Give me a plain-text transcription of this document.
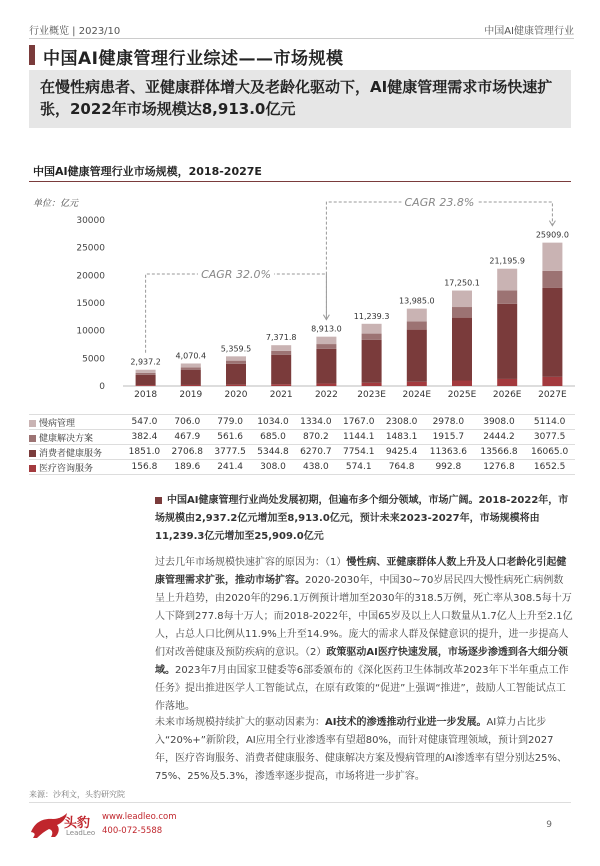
行业概览 | 2023/10	中国AI健康管理行业
中国AI健康管理行业综述——市场规模
在慢性病患者、亚健康群体增大及老龄化驱动下，AI健康管理需求市场快速扩张，2022年市场规模达8,913.0亿元
中国AI健康管理行业市场规模，2018-2027E
单位：亿元
30000
25000
20000
15000
10000
5000
0
2,937.2
2018
4,070.4
2019
5,359.5
2020
7,371.8
2021
8,913.0
2022
11,239.3
2023E
13,985.0
2024E
17,250.1
2025E
21,195.9
2026E
25909.0
2027E
CAGR 32.0%
CAGR 23.8%
慢病管理	547.0	706.0	779.0	1034.0	1334.0	1767.0	2308.0	2978.0	3908.0	5114.0
健康解决方案	382.4	467.9	561.6	685.0	870.2	1144.1	1483.1	1915.7	2444.2	3077.5
消费者健康服务	1851.0	2706.8	3777.5	5344.8	6270.7	7754.1	9425.4	11363.6	13566.8	16065.0
医疗咨询服务	156.8	189.6	241.4	308.0	438.0	574.1	764.8	992.8	1276.8	1652.5
中国AI健康管理行业尚处发展初期，但遍布多个细分领域，市场广阔。2018-2022年，市场规模由2,937.2亿元增加至8,913.0亿元，预计未来2023-2027年，市场规模将由11,239.3亿元增加至25,909.0亿元
过去几年市场规模快速扩容的原因为：（1）慢性病、亚健康群体人数上升及人口老龄化引起健康管理需求扩张，推动市场扩容。2020-2030年，中国30~70岁居民四大慢性病死亡病例数呈上升趋势，由2020年的296.1万例预计增加至2030年的318.5万例，死亡率从308.5每十万人下降到277.8每十万人；而2018-2022年，中国65岁及以上人口数量从1.7亿人上升至2.1亿人，占总人口比例从11.9%上升至14.9%。庞大的需求人群及保健意识的提升，进一步提高人们对改善健康及预防疾病的意识。（2）政策驱动AI医疗快速发展，市场逐步渗透到各大细分领域。2023年7月由国家卫健委等6部委颁布的《深化医药卫生体制改革2023年下半年重点工作任务》提出推进医学人工智能试点，在原有政策的“促进”上强调“推进”，鼓励人工智能试点工作落地。
未来市场规模持续扩大的驱动因素为：AI技术的渗透推动行业进一步发展。AI算力占比步入“20%+”新阶段，AI应用全行业渗透率有望超80%，而针对健康管理领域，预计到2027年，医疗咨询服务、消费者健康服务、健康解决方案及慢病管理的AI渗透率有望分别达25%、75%、25%及5.3%，渗透率逐步提高，市场将进一步扩容。
来源：沙利文，头豹研究院
头豹
LeadLeo
www.leadleo.com
400-072-5588
9
